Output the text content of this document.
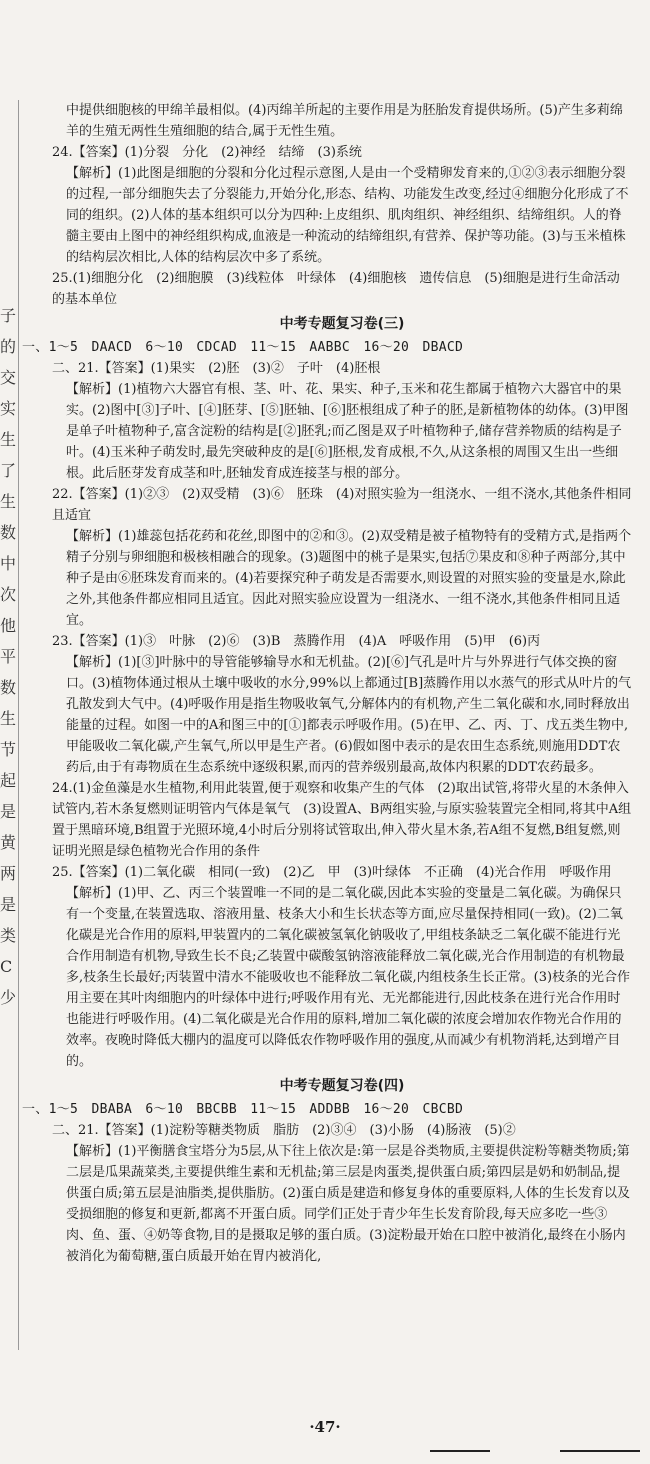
子
的
交
实
生
了
生
数
中
次
他
平
数
生
节
起
是
黄
两
是
类
C
少

中提供细胞核的甲绵羊最相似。(4)丙绵羊所起的主要作用是为胚胎发育提供场所。(5)产生多莉绵羊的生殖无两性生殖细胞的结合,属于无性生殖。

24.【答案】(1)分裂　分化　(2)神经　结缔　(3)系统

【解析】(1)此图是细胞的分裂和分化过程示意图,人是由一个受精卵发育来的,①②③表示细胞分裂的过程,一部分细胞失去了分裂能力,开始分化,形态、结构、功能发生改变,经过④细胞分化形成了不同的组织。(2)人体的基本组织可以分为四种:上皮组织、肌肉组织、神经组织、结缔组织。人的脊髓主要由上图中的神经组织构成,血液是一种流动的结缔组织,有营养、保护等功能。(3)与玉米植株的结构层次相比,人体的结构层次中多了系统。

25.(1)细胞分化　(2)细胞膜　(3)线粒体　叶绿体　(4)细胞核　遗传信息　(5)细胞是进行生命活动的基本单位

中考专题复习卷(三)

一、1～5　DAACD　6～10　CDCAD　11～15　AABBC　16～20　DBACD

二、21.【答案】(1)果实　(2)胚　(3)②　子叶　(4)胚根

【解析】(1)植物六大器官有根、茎、叶、花、果实、种子,玉米和花生都属于植物六大器官中的果实。(2)图中[③]子叶、[④]胚芽、[⑤]胚轴、[⑥]胚根组成了种子的胚,是新植物体的幼体。(3)甲图是单子叶植物种子,富含淀粉的结构是[②]胚乳;而乙图是双子叶植物种子,储存营养物质的结构是子叶。(4)玉米种子萌发时,最先突破种皮的是[⑥]胚根,发育成根,不久,从这条根的周围又生出一些细根。此后胚芽发育成茎和叶,胚轴发育成连接茎与根的部分。

22.【答案】(1)②③　(2)双受精　(3)⑥　胚珠　(4)对照实验为一组浇水、一组不浇水,其他条件相同且适宜

【解析】(1)雄蕊包括花药和花丝,即图中的②和③。(2)双受精是被子植物特有的受精方式,是指两个精子分别与卵细胞和极核相融合的现象。(3)题图中的桃子是果实,包括⑦果皮和⑧种子两部分,其中种子是由⑥胚珠发育而来的。(4)若要探究种子萌发是否需要水,则设置的对照实验的变量是水,除此之外,其他条件都应相同且适宜。因此对照实验应设置为一组浇水、一组不浇水,其他条件相同且适宜。

23.【答案】(1)③　叶脉　(2)⑥　(3)B　蒸腾作用　(4)A　呼吸作用　(5)甲　(6)丙

【解析】(1)[③]叶脉中的导管能够输导水和无机盐。(2)[⑥]气孔是叶片与外界进行气体交换的窗口。(3)植物体通过根从土壤中吸收的水分,99%以上都通过[B]蒸腾作用以水蒸气的形式从叶片的气孔散发到大气中。(4)呼吸作用是指生物吸收氧气,分解体内的有机物,产生二氧化碳和水,同时释放出能量的过程。如图一中的A和图三中的[①]都表示呼吸作用。(5)在甲、乙、丙、丁、戊五类生物中,甲能吸收二氧化碳,产生氧气,所以甲是生产者。(6)假如图中表示的是农田生态系统,则施用DDT农药后,由于有毒物质在生态系统中逐级积累,而丙的营养级别最高,故体内积累的DDT农药最多。

24.(1)金鱼藻是水生植物,利用此装置,便于观察和收集产生的气体　(2)取出试管,将带火星的木条伸入试管内,若木条复燃则证明管内气体是氧气　(3)设置A、B两组实验,与原实验装置完全相同,将其中A组置于黑暗环境,B组置于光照环境,4小时后分别将试管取出,伸入带火星木条,若A组不复燃,B组复燃,则证明光照是绿色植物光合作用的条件

25.【答案】(1)二氧化碳　相同(一致)　(2)乙　甲　(3)叶绿体　不正确　(4)光合作用　呼吸作用

【解析】(1)甲、乙、丙三个装置唯一不同的是二氧化碳,因此本实验的变量是二氧化碳。为确保只有一个变量,在装置选取、溶液用量、枝条大小和生长状态等方面,应尽量保持相同(一致)。(2)二氧化碳是光合作用的原料,甲装置内的二氧化碳被氢氧化钠吸收了,甲组枝条缺乏二氧化碳不能进行光合作用制造有机物,导致生长不良;乙装置中碳酸氢钠溶液能释放二氧化碳,光合作用制造的有机物最多,枝条生长最好;丙装置中清水不能吸收也不能释放二氧化碳,内组枝条生长正常。(3)枝条的光合作用主要在其叶肉细胞内的叶绿体中进行;呼吸作用有光、无光都能进行,因此枝条在进行光合作用时也能进行呼吸作用。(4)二氧化碳是光合作用的原料,增加二氧化碳的浓度会增加农作物光合作用的效率。夜晚时降低大棚内的温度可以降低农作物呼吸作用的强度,从而减少有机物消耗,达到增产目的。

中考专题复习卷(四)

一、1～5　DBABA　6～10　BBCBB　11～15　ADDBB　16～20　CBCBD

二、21.【答案】(1)淀粉等糖类物质　脂肪　(2)③④　(3)小肠　(4)肠液　(5)②

【解析】(1)平衡膳食宝塔分为5层,从下往上依次是:第一层是谷类物质,主要提供淀粉等糖类物质;第二层是瓜果蔬菜类,主要提供维生素和无机盐;第三层是肉蛋类,提供蛋白质;第四层是奶和奶制品,提供蛋白质;第五层是油脂类,提供脂肪。(2)蛋白质是建造和修复身体的重要原料,人体的生长发育以及受损细胞的修复和更新,都离不开蛋白质。同学们正处于青少年生长发育阶段,每天应多吃一些③肉、鱼、蛋、④奶等食物,目的是摄取足够的蛋白质。(3)淀粉最开始在口腔中被消化,最终在小肠内被消化为葡萄糖,蛋白质最开始在胃内被消化,

·47·
